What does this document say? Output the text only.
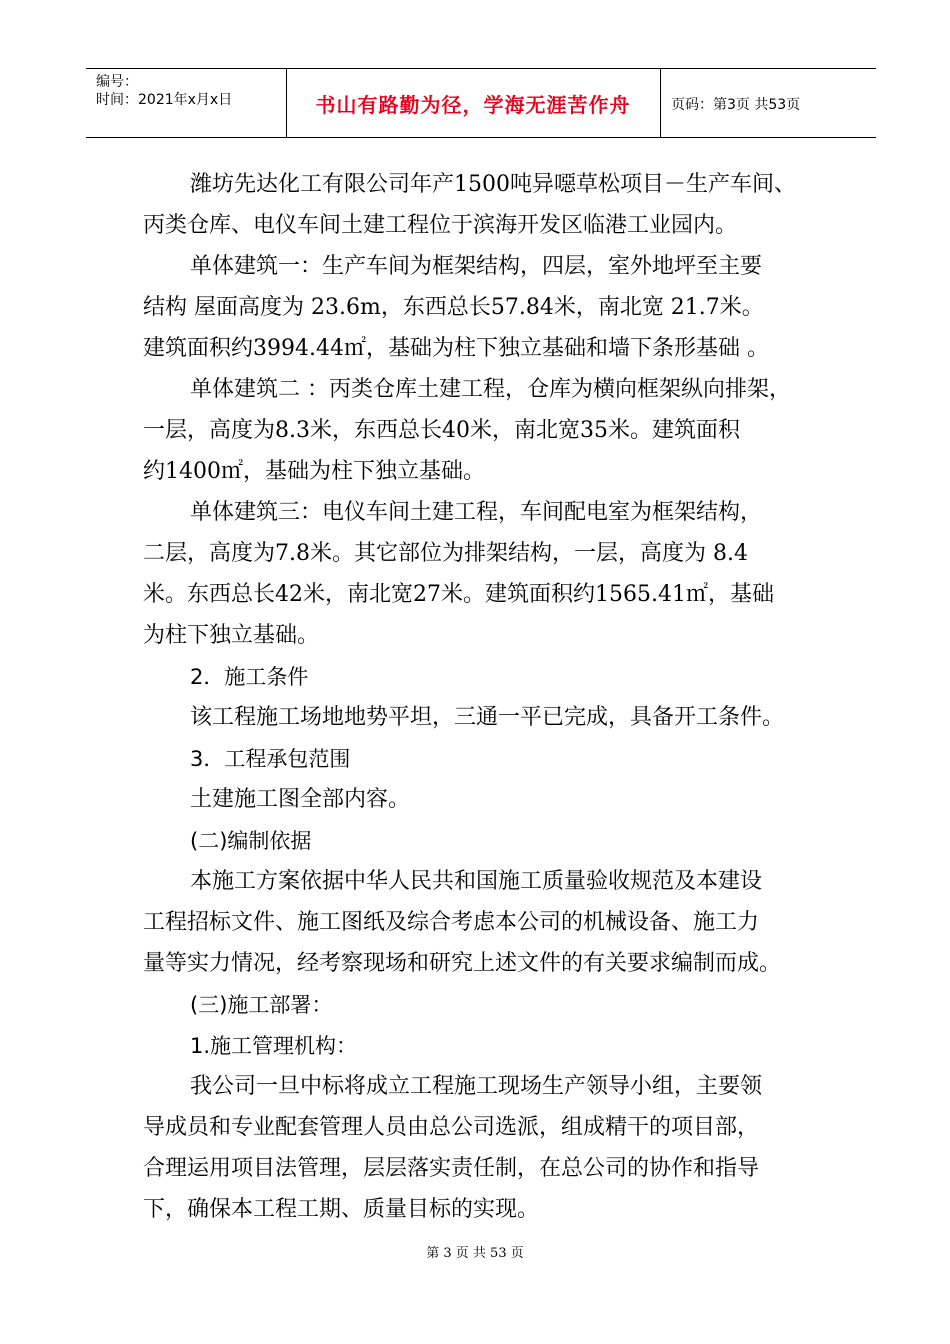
编号：
时间：2021年x月x日	书山有路勤为径，学海无涯苦作舟	页码：第3页 共53页
潍坊先达化工有限公司年产1500吨异噁草松项目－生产车间、
丙类仓库、电仪车间土建工程位于滨海开发区临港工业园内。
单体建筑一：生产车间为框架结构，四层，室外地坪至主要
结构 屋面高度为 23.6m，东西总长57.84米，南北宽 21.7米。
建筑面积约3994.44㎡，基础为柱下独立基础和墙下条形基础 。
单体建筑二 ：丙类仓库土建工程，仓库为横向框架纵向排架，
一层，高度为8.3米，东西总长40米，南北宽35米。建筑面积
约1400㎡，基础为柱下独立基础。
单体建筑三：电仪车间土建工程，车间配电室为框架结构，
二层，高度为7.8米。其它部位为排架结构，一层，高度为 8.4
米。东西总长42米，南北宽27米。建筑面积约1565.41㎡，基础
为柱下独立基础。
2．施工条件
该工程施工场地地势平坦，三通一平已完成，具备开工条件。
3．工程承包范围
土建施工图全部内容。
(二)编制依据
本施工方案依据中华人民共和国施工质量验收规范及本建设
工程招标文件、施工图纸及综合考虑本公司的机械设备、施工力
量等实力情况，经考察现场和研究上述文件的有关要求编制而成。
(三)施工部署：
1.施工管理机构：
我公司一旦中标将成立工程施工现场生产领导小组，主要领
导成员和专业配套管理人员由总公司选派，组成精干的项目部，
合理运用项目法管理，层层落实责任制，在总公司的协作和指导
下，确保本工程工期、质量目标的实现。
第 3 页 共 53 页
